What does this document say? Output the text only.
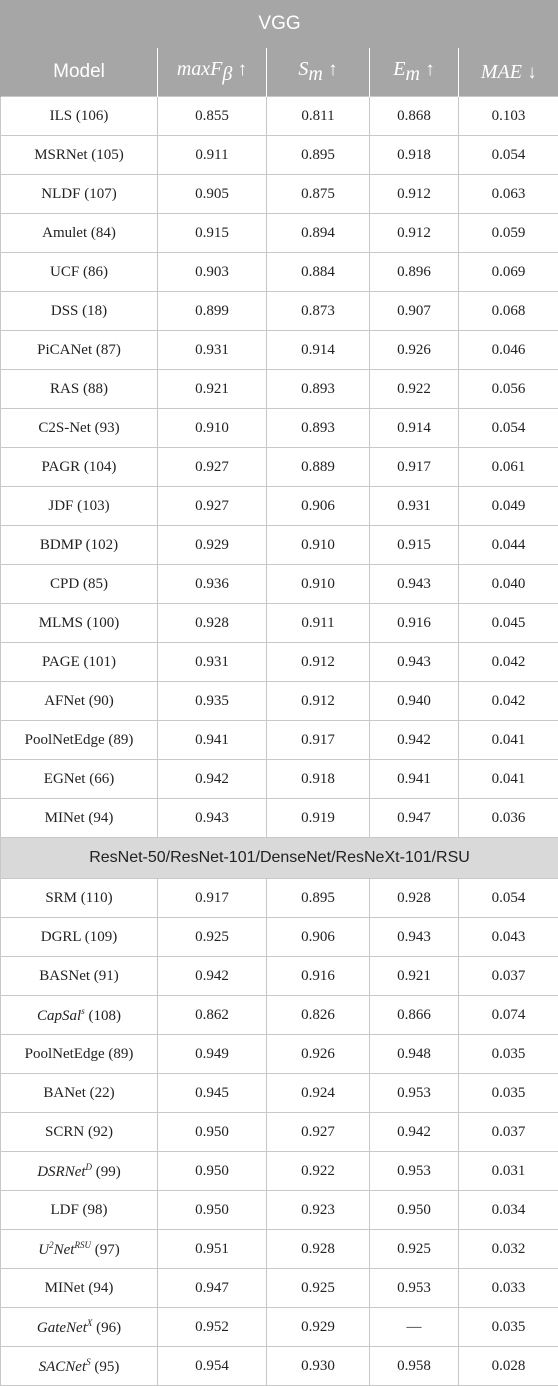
VGG				
Model	maxF$_\beta$ ↑	$S_m$ ↑	$E_m$ ↑	MAE ↓
ILS (106)	0.855	0.811	0.868	0.103
MSRNet (105)	0.911	0.895	0.918	0.054
NLDF (107)	0.905	0.875	0.912	0.063
Amulet (84)	0.915	0.894	0.912	0.059
UCF (86)	0.903	0.884	0.896	0.069
DSS (18)	0.899	0.873	0.907	0.068
PiCANet (87)	0.931	0.914	0.926	0.046
RAS (88)	0.921	0.893	0.922	0.056
C2S-Net (93)	0.910	0.893	0.914	0.054
PAGR (104)	0.927	0.889	0.917	0.061
JDF (103)	0.927	0.906	0.931	0.049
BDMP (102)	0.929	0.910	0.915	0.044
CPD (85)	0.936	0.910	0.943	0.040
MLMS (100)	0.928	0.911	0.916	0.045
PAGE (101)	0.931	0.912	0.943	0.042
AFNet (90)	0.935	0.912	0.940	0.042
PoolNetEdge (89)	0.941	0.917	0.942	0.041
EGNet (66)	0.942	0.918	0.941	0.041
MINet (94)	0.943	0.919	0.947	0.036
ResNet-50/ResNet-101/DenseNet/ResNeXt-101/RSU				
SRM (110)	0.917	0.895	0.928	0.054
DGRL (109)	0.925	0.906	0.943	0.043
BASNet (91)	0.942	0.916	0.921	0.037
CapSal$^s$ (108)	0.862	0.826	0.866	0.074
PoolNetEdge (89)	0.949	0.926	0.948	0.035
BANet (22)	0.945	0.924	0.953	0.035
SCRN (92)	0.950	0.927	0.942	0.037
DSRNet$^D$ (99)	0.950	0.922	0.953	0.031
LDF (98)	0.950	0.923	0.950	0.034
$U^2Net^{RSU}$ (97)	0.951	0.928	0.925	0.032
MINet (94)	0.947	0.925	0.953	0.033
GateNet$^X$ (96)	0.952	0.929	—	0.035
SACNet$^S$ (95)	0.954	0.930	0.958	0.028
